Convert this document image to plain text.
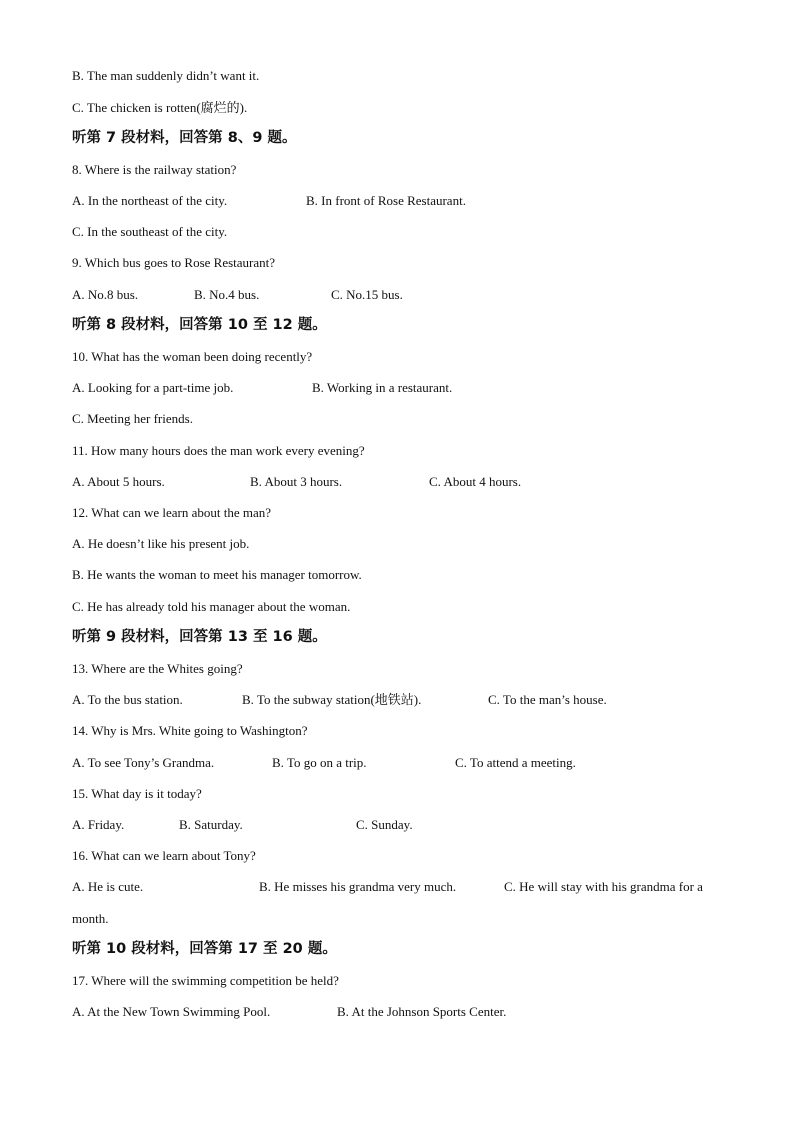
B. The man suddenly didn’t want it.
C. The chicken is rotten(腐烂的).
听第 7 段材料，回答第 8、9 题。
8. Where is the railway station?
A. In the northeast of the city.	B. In front of Rose Restaurant.
C. In the southeast of the city.
9. Which bus goes to Rose Restaurant?
A. No.8 bus.	B. No.4 bus.	C. No.15 bus.
听第 8 段材料，回答第 10 至 12 题。
10. What has the woman been doing recently?
A. Looking for a part-time job.	B. Working in a restaurant.
C. Meeting her friends.
11. How many hours does the man work every evening?
A. About 5 hours.	B. About 3 hours.	C. About 4 hours.
12. What can we learn about the man?
A. He doesn’t like his present job.
B. He wants the woman to meet his manager tomorrow.
C. He has already told his manager about the woman.
听第 9 段材料，回答第 13 至 16 题。
13. Where are the Whites going?
A. To the bus station.	B. To the subway station(地铁站).	C. To the man’s house.
14. Why is Mrs. White going to Washington?
A. To see Tony’s Grandma.	B. To go on a trip.	C. To attend a meeting.
15. What day is it today?
A. Friday.	B. Saturday.	C. Sunday.
16. What can we learn about Tony?
A. He is cute.	B. He misses his grandma very much.	C. He will stay with his grandma for a
month.
听第 10 段材料，回答第 17 至 20 题。
17. Where will the swimming competition be held?
A. At the New Town Swimming Pool.	B. At the Johnson Sports Center.
